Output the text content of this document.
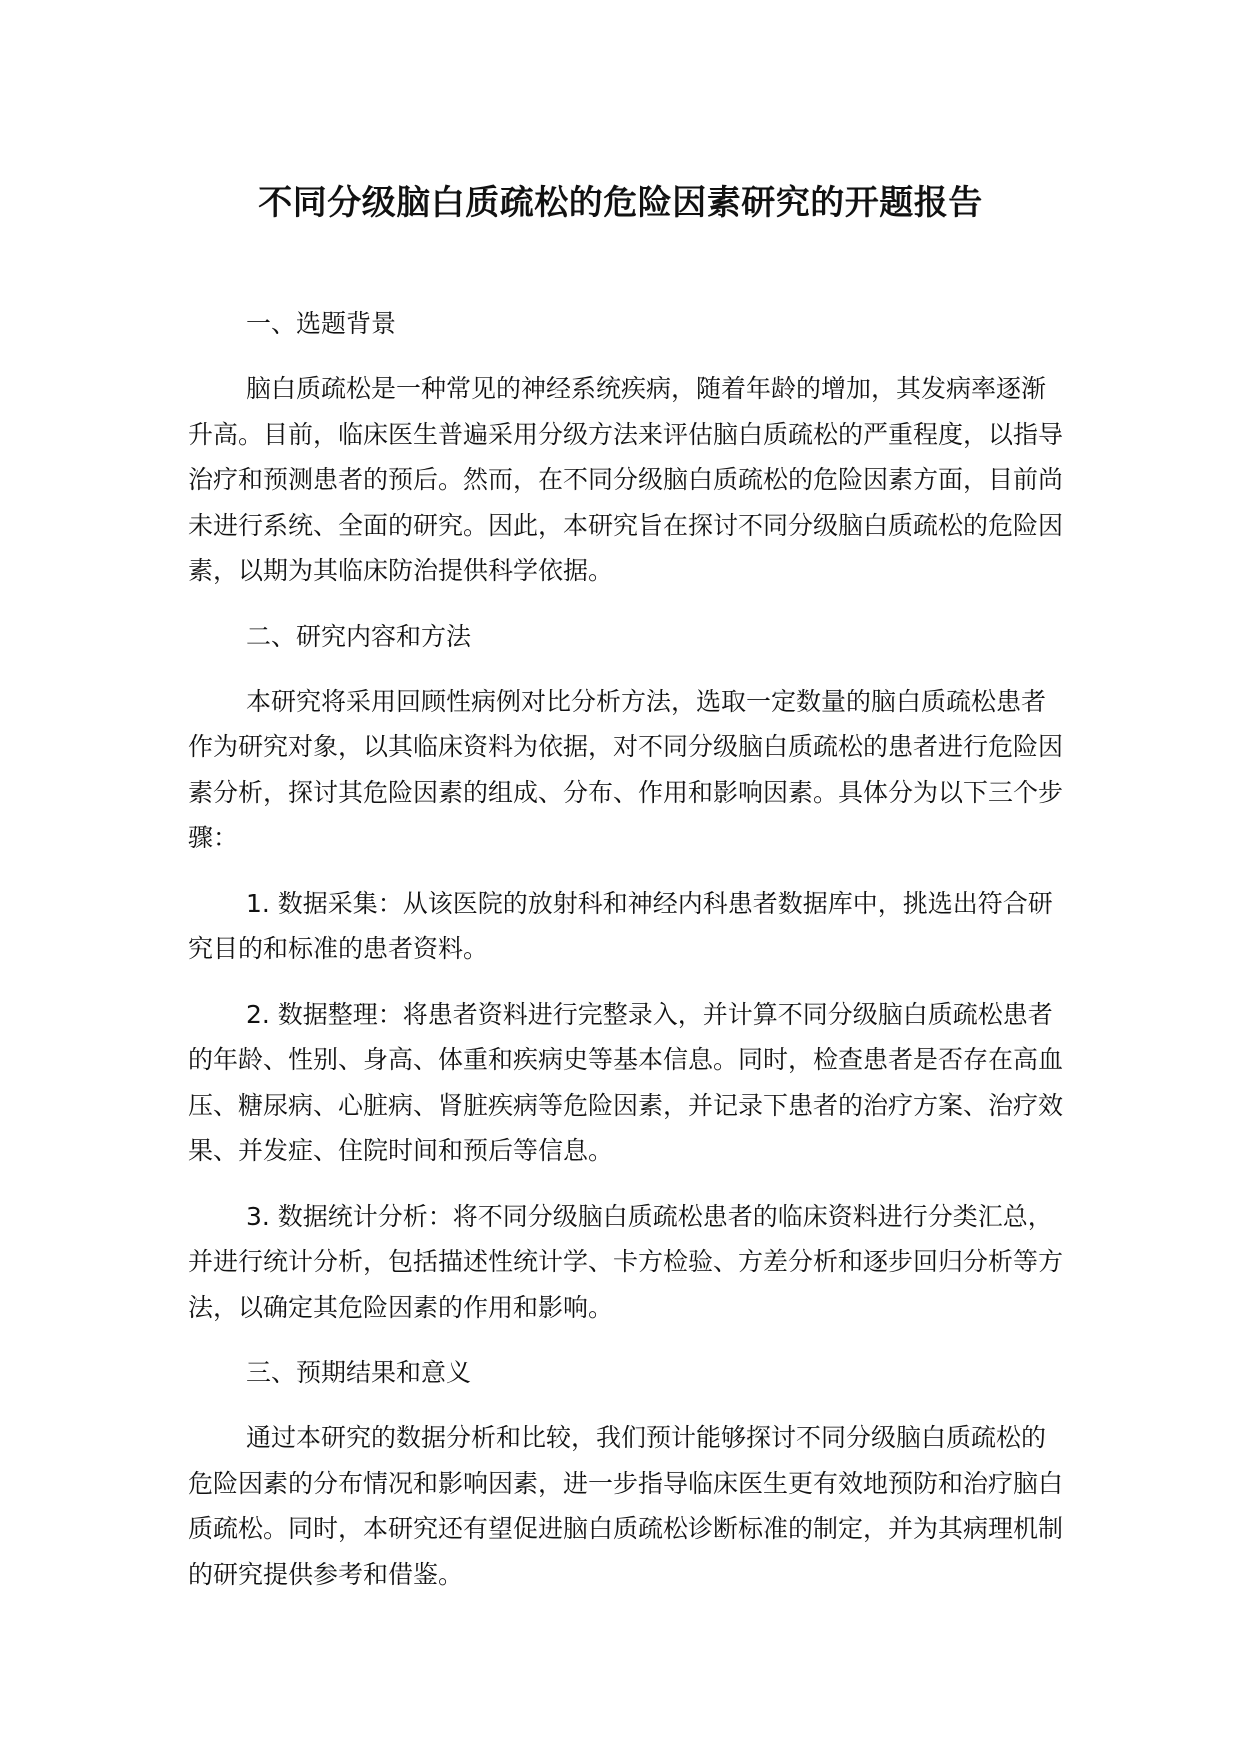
不同分级脑白质疏松的危险因素研究的开题报告

一、选题背景

脑白质疏松是一种常见的神经系统疾病，随着年龄的增加，其发病率逐渐升高。目前，临床医生普遍采用分级方法来评估脑白质疏松的严重程度，以指导治疗和预测患者的预后。然而，在不同分级脑白质疏松的危险因素方面，目前尚未进行系统、全面的研究。因此，本研究旨在探讨不同分级脑白质疏松的危险因素，以期为其临床防治提供科学依据。

二、研究内容和方法

本研究将采用回顾性病例对比分析方法，选取一定数量的脑白质疏松患者作为研究对象，以其临床资料为依据，对不同分级脑白质疏松的患者进行危险因素分析，探讨其危险因素的组成、分布、作用和影响因素。具体分为以下三个步骤：

1. 数据采集：从该医院的放射科和神经内科患者数据库中，挑选出符合研究目的和标准的患者资料。

2. 数据整理：将患者资料进行完整录入，并计算不同分级脑白质疏松患者的年龄、性别、身高、体重和疾病史等基本信息。同时，检查患者是否存在高血压、糖尿病、心脏病、肾脏疾病等危险因素，并记录下患者的治疗方案、治疗效果、并发症、住院时间和预后等信息。

3. 数据统计分析：将不同分级脑白质疏松患者的临床资料进行分类汇总，并进行统计分析，包括描述性统计学、卡方检验、方差分析和逐步回归分析等方法，以确定其危险因素的作用和影响。

三、预期结果和意义

通过本研究的数据分析和比较，我们预计能够探讨不同分级脑白质疏松的危险因素的分布情况和影响因素，进一步指导临床医生更有效地预防和治疗脑白质疏松。同时，本研究还有望促进脑白质疏松诊断标准的制定，并为其病理机制的研究提供参考和借鉴。
